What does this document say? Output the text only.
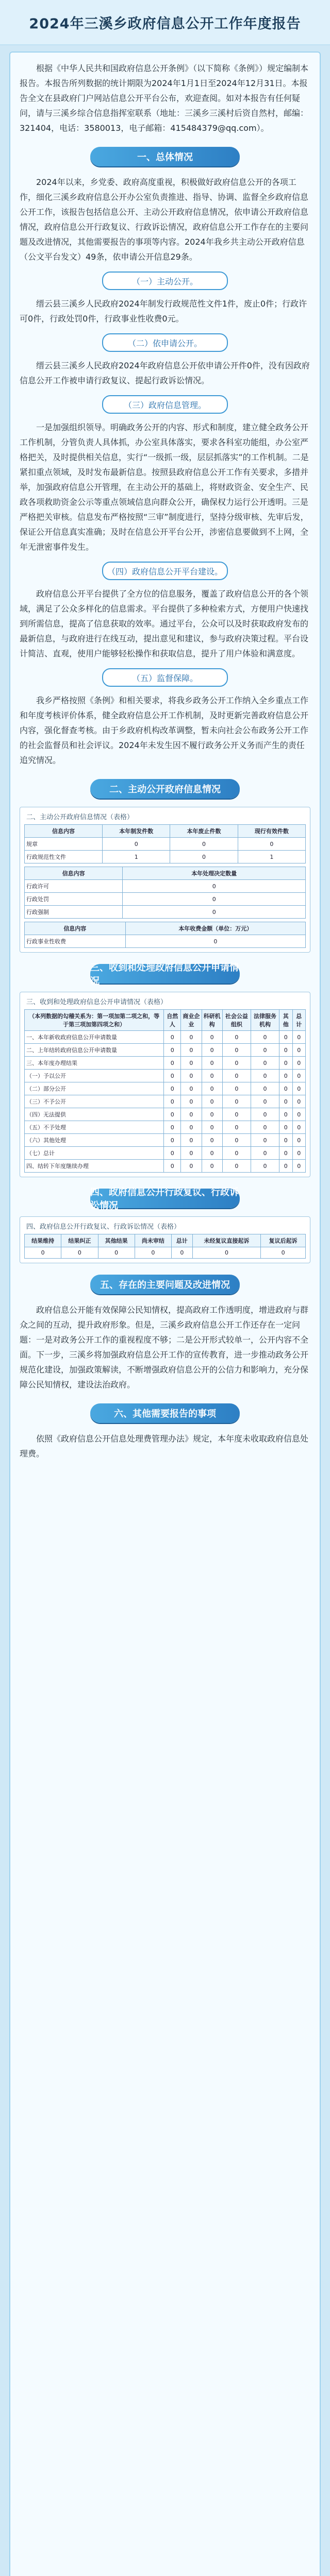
2024年三溪乡政府信息公开工作年度报告

根据《中华人民共和国政府信息公开条例》（以下简称《条例》）规定编制本报告。本报告所列数据的统计期限为2024年1月1日至2024年12月31日。本报告全文在县政府门户网站信息公开平台公布，欢迎查阅。如对本报告有任何疑问，请与三溪乡综合信息指挥室联系（地址：三溪乡三溪村后资自然村，邮编：321404，电话：3580013，电子邮箱：415484379@qq.com）。

一、总体情况

2024年以来，乡党委、政府高度重视，积极做好政府信息公开的各项工作，细化三溪乡政府信息公开办公室负责推进、指导、协调、监督全乡政府信息公开工作，该报告包括信息公开、主动公开政府信息情况，依申请公开政府信息情况，政府信息公开行政复议、行政诉讼情况，政府信息公开工作存在的主要问题及改进情况，其他需要报告的事项等内容。2024年我乡共主动公开政府信息（公文平台发文）49条，依申请公开信息29条。

（一）主动公开。

缙云县三溪乡人民政府2024年制发行政规范性文件1件，废止0件；行政许可0件，行政处罚0件，行政事业性收费0元。

（二）依申请公开。

缙云县三溪乡人民政府2024年政府信息公开依申请公开件0件，没有因政府信息公开工作被申请行政复议、提起行政诉讼情况。

（三）政府信息管理。

一是加强组织领导。明确政务公开的内容、形式和制度，建立健全政务公开工作机制，分管负责人具体抓，办公室具体落实，要求各科室功能组，办公室严格把关，及时提供相关信息，实行“一级抓一级，层层抓落实”的工作机制。二是紧扣重点领域，及时发布最新信息。按照县政府信息公开工作有关要求，多措并举，加强政府信息公开管理，在主动公开的基础上，将财政资金、安全生产、民政各项救助资金公示等重点领域信息向群众公开，确保权力运行公开透明。三是严格把关审核。信息发布严格按照“三审”制度进行，坚持分级审核、先审后发，保证公开信息真实准确；及时在信息公开平台公开，涉密信息要做到不上网，全年无泄密事件发生。

（四）政府信息公开平台建设。

政府信息公开平台提供了全方位的信息服务，覆盖了政府信息公开的各个领域，满足了公众多样化的信息需求。平台提供了多种检索方式，方便用户快速找到所需信息，提高了信息获取的效率。通过平台，公众可以及时获取政府发布的最新信息，与政府进行在线互动，提出意见和建议，参与政府决策过程。平台设计简洁、直观，使用户能够轻松操作和获取信息，提升了用户体验和满意度。

（五）监督保障。

我乡严格按照《条例》和相关要求，将我乡政务公开工作纳入全乡重点工作和年度考核评价体系，健全政府信息公开工作机制，及时更新完善政府信息公开内容，强化督查考核。由于乡政府机构改革调整，暂未向社会公布政务公开工作的社会监督员和社会评议。2024年未发生因不履行政务公开义务而产生的责任追究情况。

二、主动公开政府信息情况
二、主动公开政府信息情况（表格）
信息内容	本年制发件数	本年废止件数	现行有效件数
规章	0	0	0
行政规范性文件	1	0	1
信息内容	本年处理决定数量
行政许可	0
行政处罚	0
行政强制	0
信息内容	本年收费金额（单位：万元）
行政事业性收费	0
三、收到和处理政府信息公开申请情况
三、收到和处理政府信息公开申请情况（表格）
（本列数据的勾稽关系为：第一项加第二项之和，等于第三项加第四项之和）	自然人	商业企业	科研机构	社会公益组织	法律服务机构	其他	总计
一、本年新收政府信息公开申请数量	0	0	0	0	0	0	0
二、上年结转政府信息公开申请数量	0	0	0	0	0	0	0
三、本年度办理结果	0	0	0	0	0	0	0
（一）予以公开	0	0	0	0	0	0	0
（二）部分公开	0	0	0	0	0	0	0
（三）不予公开	0	0	0	0	0	0	0
（四）无法提供	0	0	0	0	0	0	0
（五）不予处理	0	0	0	0	0	0	0
（六）其他处理	0	0	0	0	0	0	0
（七）总计	0	0	0	0	0	0	0
四、结转下年度继续办理	0	0	0	0	0	0	0
四、政府信息公开行政复议、行政诉讼情况
四、政府信息公开行政复议、行政诉讼情况（表格）
结果维持	结果纠正	其他结果	尚未审结	总计	未经复议直接起诉	复议后起诉
0	0	0	0	0	0	0
五、存在的主要问题及改进情况

政府信息公开能有效保障公民知情权，提高政府工作透明度，增进政府与群众之间的互动，提升政府形象。但是，三溪乡政府信息公开工作还存在一定问题：一是对政务公开工作的重视程度不够；二是公开形式较单一，公开内容不全面。下一步，三溪乡将加强政府信息公开工作的宣传教育，进一步推动政务公开规范化建设，加强政策解读，不断增强政府信息公开的公信力和影响力，充分保障公民知情权，建设法治政府。

六、其他需要报告的事项

依照《政府信息公开信息处理费管理办法》规定，本年度未收取政府信息处理费。
